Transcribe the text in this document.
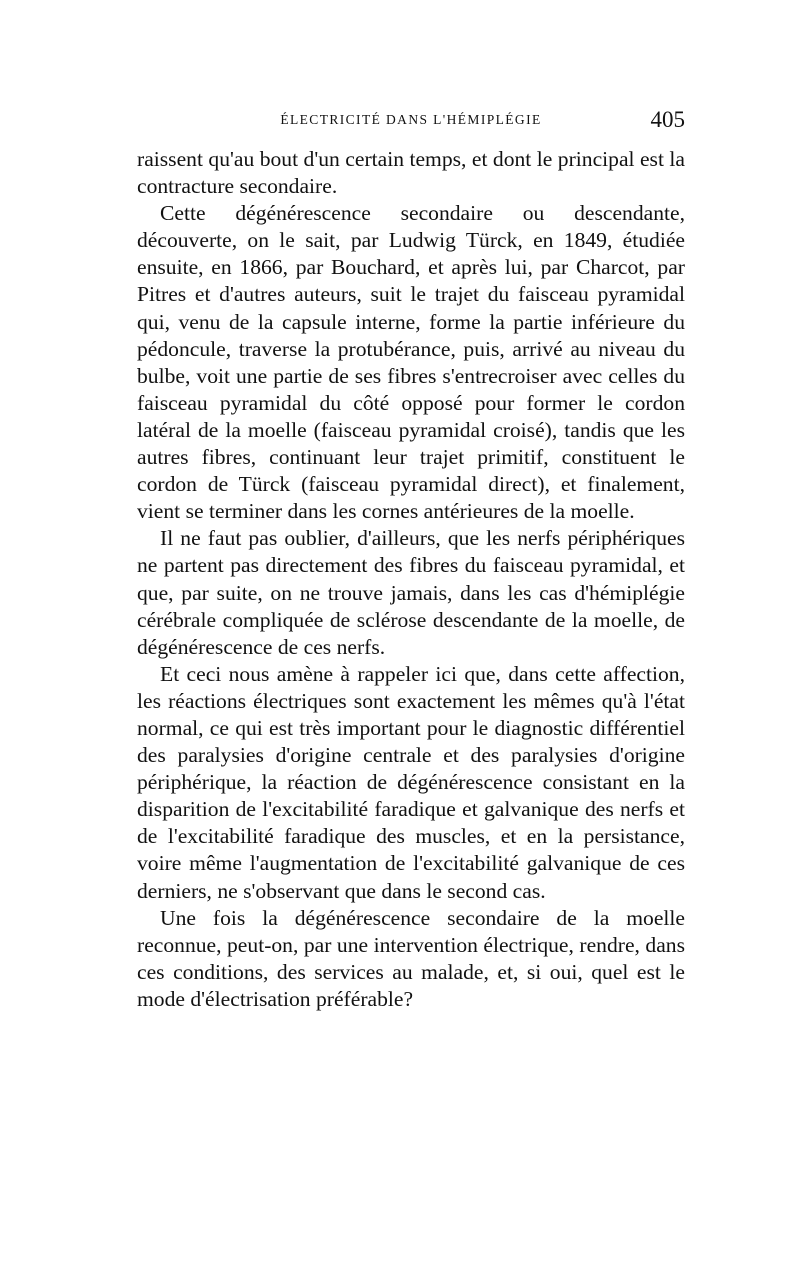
ÉLECTRICITÉ DANS L'HÉMIPLÉGIE	405

raissent qu'au bout d'un certain temps, et dont le principal est la contracture secondaire.

Cette dégénérescence secondaire ou descendante, découverte, on le sait, par Ludwig Türck, en 1849, étudiée ensuite, en 1866, par Bouchard, et après lui, par Charcot, par Pitres et d'autres auteurs, suit le trajet du faisceau pyramidal qui, venu de la capsule interne, forme la partie inférieure du pédoncule, traverse la protubérance, puis, arrivé au niveau du bulbe, voit une partie de ses fibres s'entrecroiser avec celles du faisceau pyramidal du côté opposé pour former le cordon latéral de la moelle (faisceau pyramidal croisé), tandis que les autres fibres, continuant leur trajet primitif, constituent le cordon de Türck (faisceau pyramidal direct), et finalement, vient se terminer dans les cornes antérieures de la moelle.

Il ne faut pas oublier, d'ailleurs, que les nerfs périphériques ne partent pas directement des fibres du faisceau pyramidal, et que, par suite, on ne trouve jamais, dans les cas d'hémiplégie cérébrale compliquée de sclérose descendante de la moelle, de dégénérescence de ces nerfs.

Et ceci nous amène à rappeler ici que, dans cette affection, les réactions électriques sont exactement les mêmes qu'à l'état normal, ce qui est très important pour le diagnostic différentiel des paralysies d'origine centrale et des paralysies d'origine périphérique, la réaction de dégénérescence consistant en la disparition de l'excitabilité faradique et galvanique des nerfs et de l'excitabilité faradique des muscles, et en la persistance, voire même l'augmentation de l'excitabilité galvanique de ces derniers, ne s'observant que dans le second cas.

Une fois la dégénérescence secondaire de la moelle reconnue, peut-on, par une intervention électrique, rendre, dans ces conditions, des services au malade, et, si oui, quel est le mode d'électrisation préférable?
